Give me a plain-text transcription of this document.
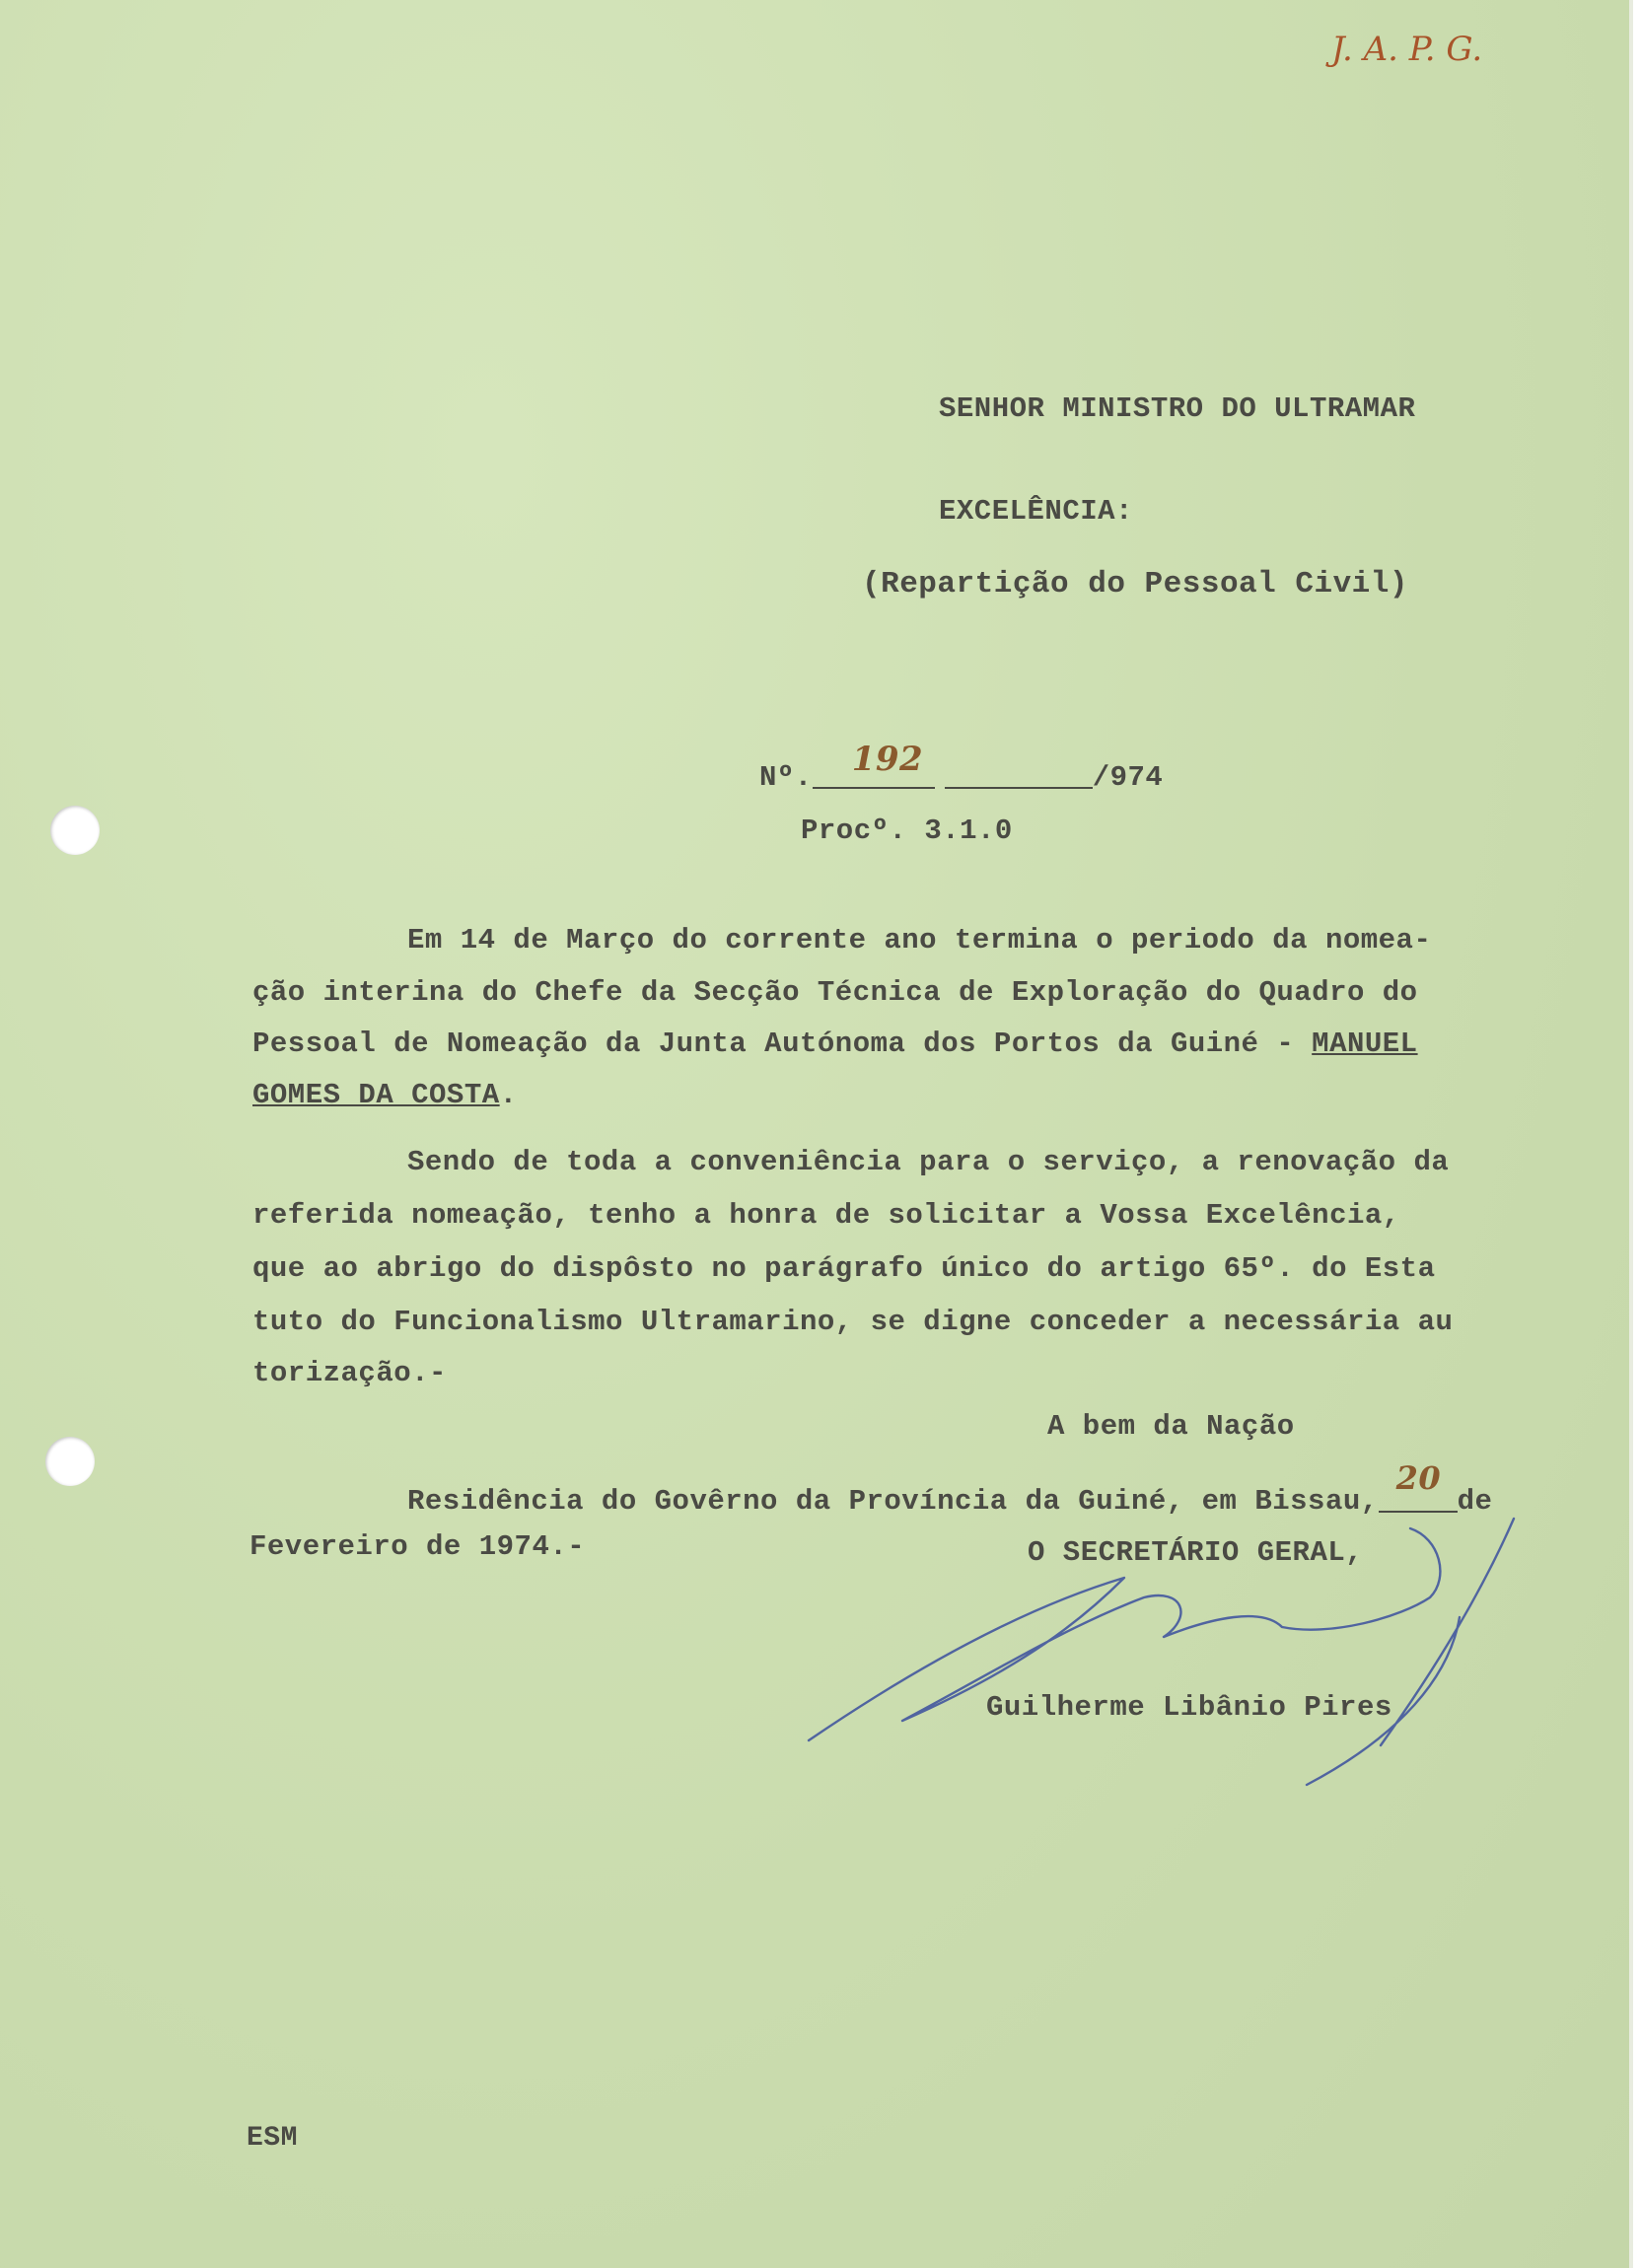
J. A. P. G.
SENHOR MINISTRO DO ULTRAMAR
EXCELÊNCIA:
(Repartição do Pessoal Civil)
Nº. 192	/974
Procº. 3.1.0
Em 14 de Março do corrente ano termina o periodo da nomea-
ção interina do Chefe da Secção Técnica de Exploração do Quadro do
Pessoal de Nomeação da Junta Autónoma dos Portos da Guiné - MANUEL
GOMES DA COSTA.
Sendo de toda a conveniência para o serviço, a renovação da
referida nomeação, tenho a honra de solicitar a Vossa Excelência,
que ao abrigo do dispôsto no parágrafo único do artigo 65º. do Esta
tuto do Funcionalismo Ultramarino, se digne conceder a necessária au
torização.-
A bem da Nação
Residência do Govêrno da Província da Guiné, em Bissau,
20
de
Fevereiro de 1974.-	O SECRETÁRIO GERAL,
Guilherme Libânio Pires
ESM
